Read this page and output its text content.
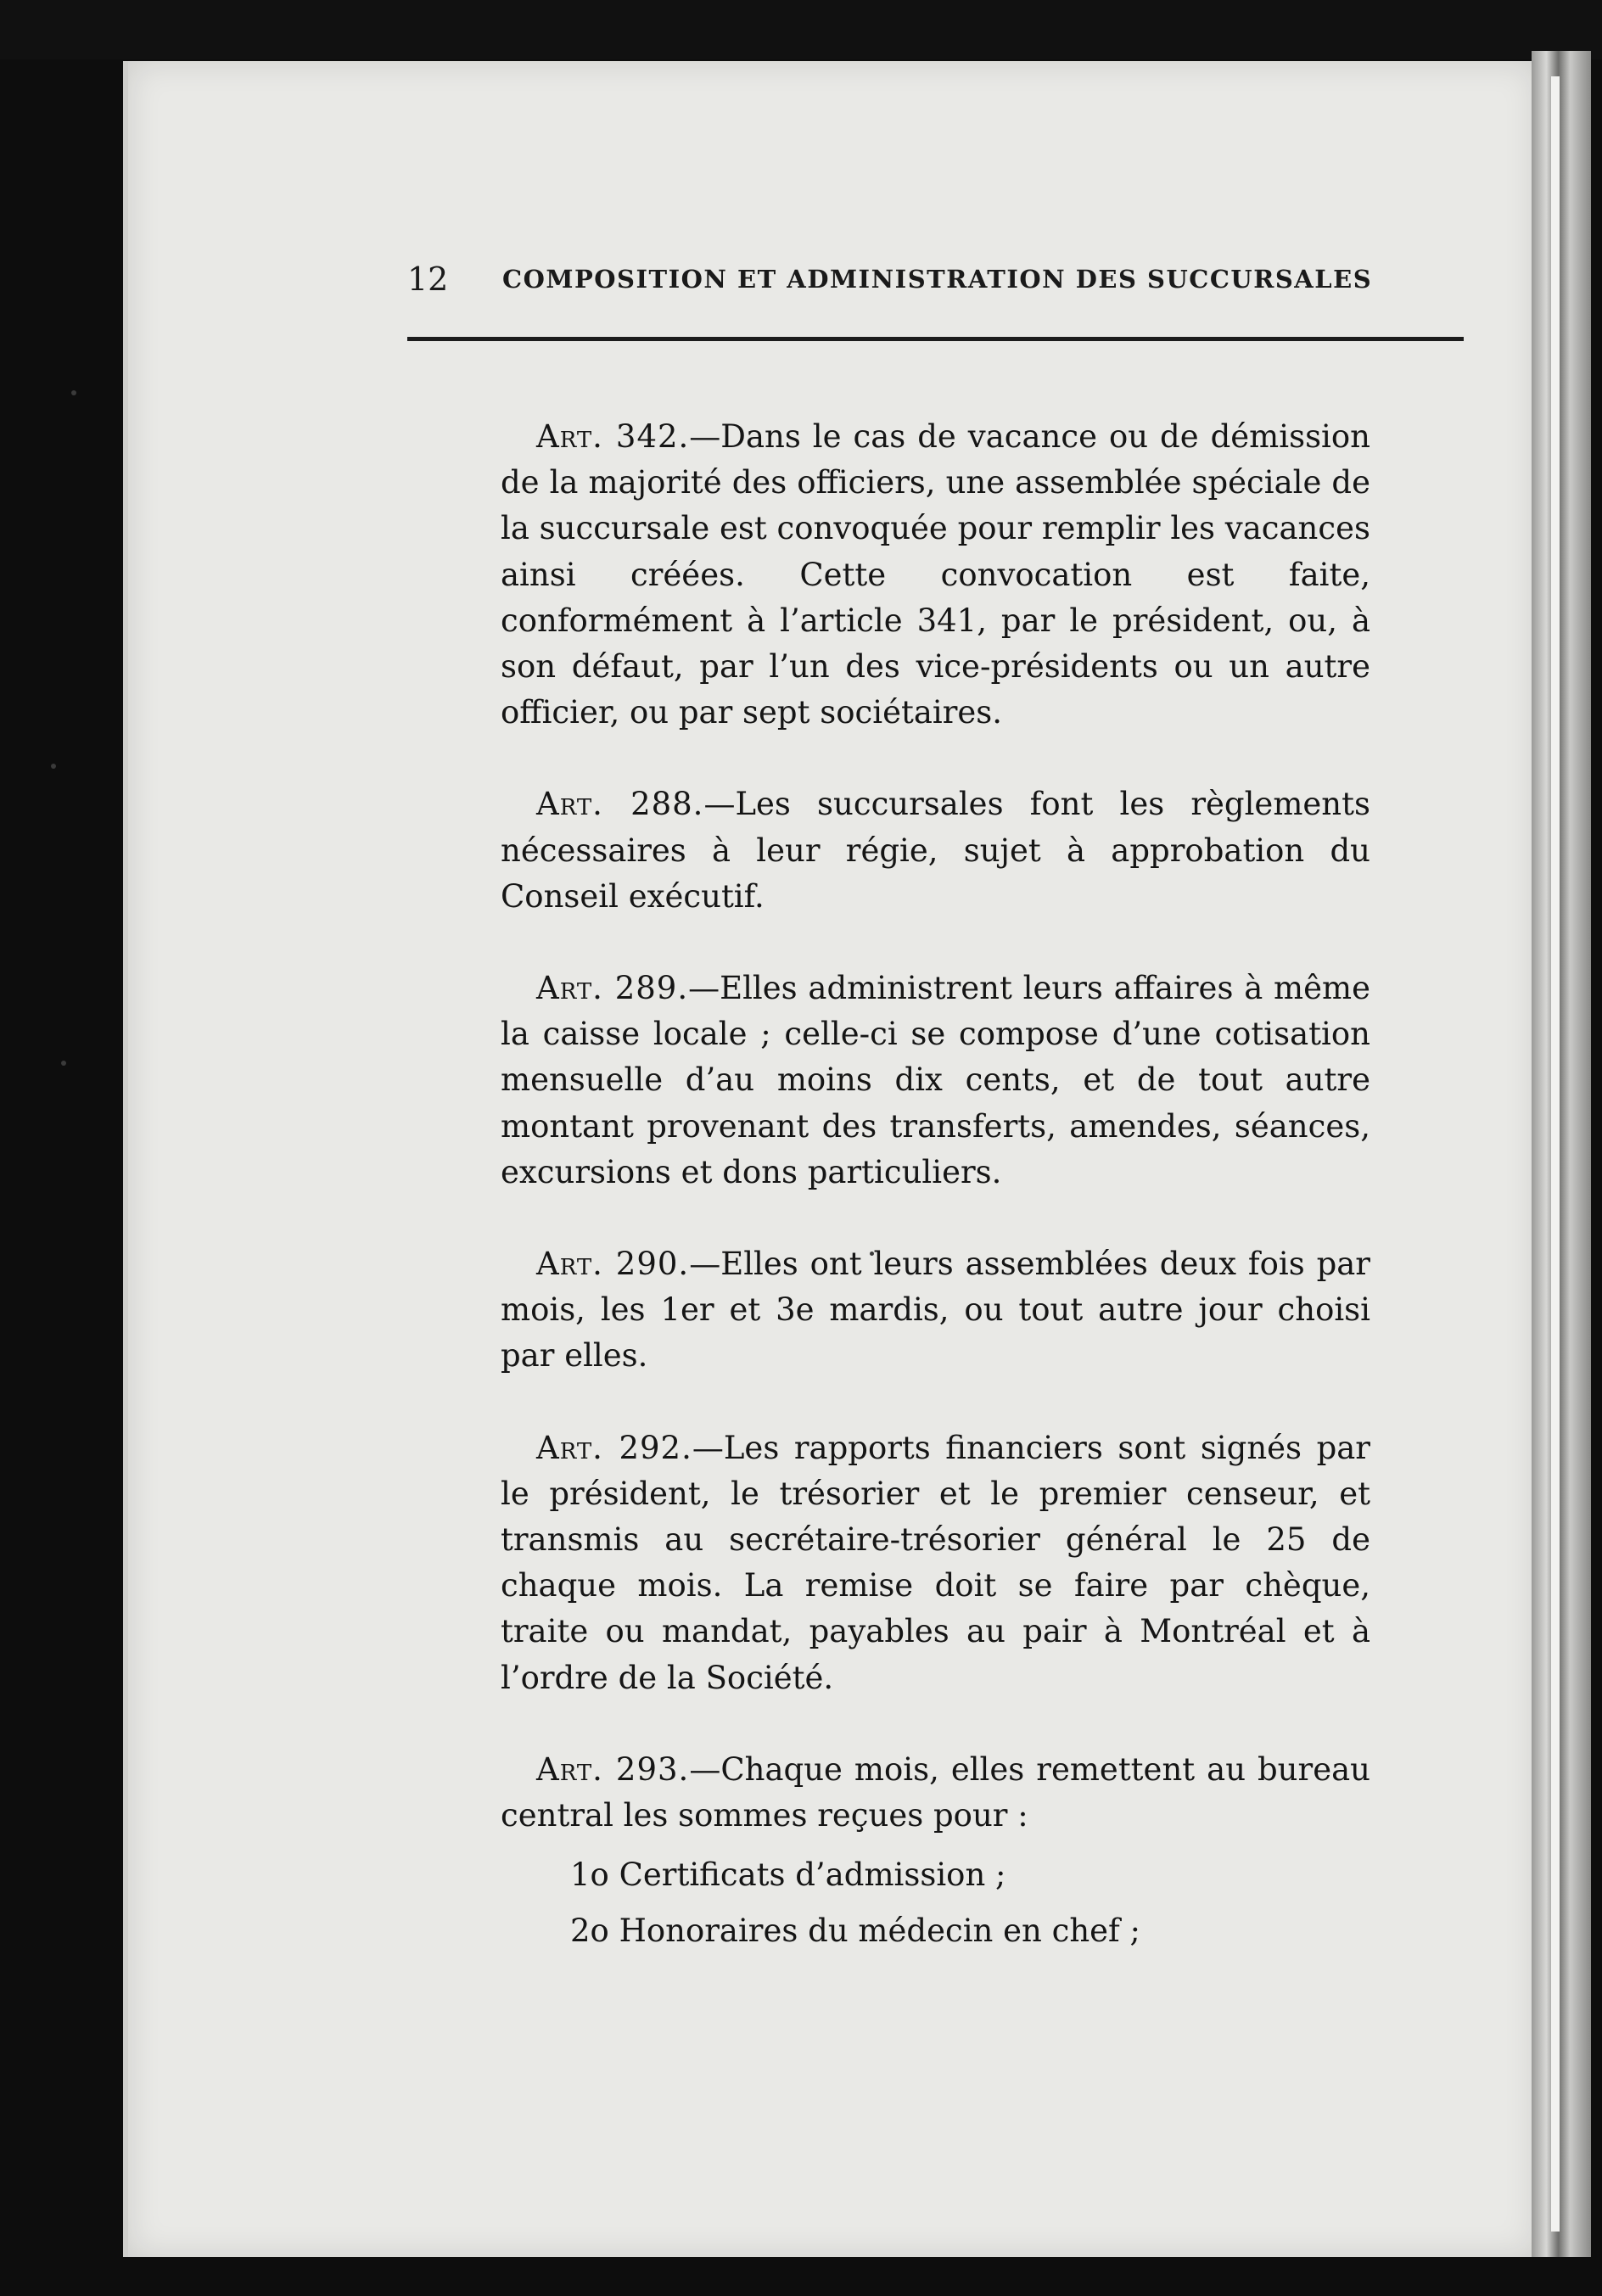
12 COMPOSITION ET ADMINISTRATION DES SUCCURSALES

Art. 342.—Dans le cas de vacance ou de démission de la majorité des officiers, une assemblée spéciale de la succursale est convoquée pour remplir les vacances ainsi créées. Cette convocation est faite, conformément à l’article 341, par le président, ou, à son défaut, par l’un des vice-présidents ou un autre officier, ou par sept sociétaires.

Art. 288.—Les succursales font les règlements nécessaires à leur régie, sujet à approbation du Conseil exécutif.

Art. 289.—Elles administrent leurs affaires à même la caisse locale ; celle-ci se compose d’une cotisation mensuelle d’au moins dix cents, et de tout autre montant provenant des transferts, amendes, séances, excursions et dons particuliers.

Art. 290.—Elles ont leurs assemblées deux fois par mois, les 1er et 3e mardis, ou tout autre jour choisi par elles.

Art. 292.—Les rapports financiers sont signés par le président, le trésorier et le premier censeur, et transmis au secrétaire-trésorier général le 25 de chaque mois. La remise doit se faire par chèque, traite ou mandat, payables au pair à Montréal et à l’ordre de la Société.

Art. 293.—Chaque mois, elles remettent au bureau central les sommes reçues pour :

1o Certificats d’admission ;

2o Honoraires du médecin en chef ;
